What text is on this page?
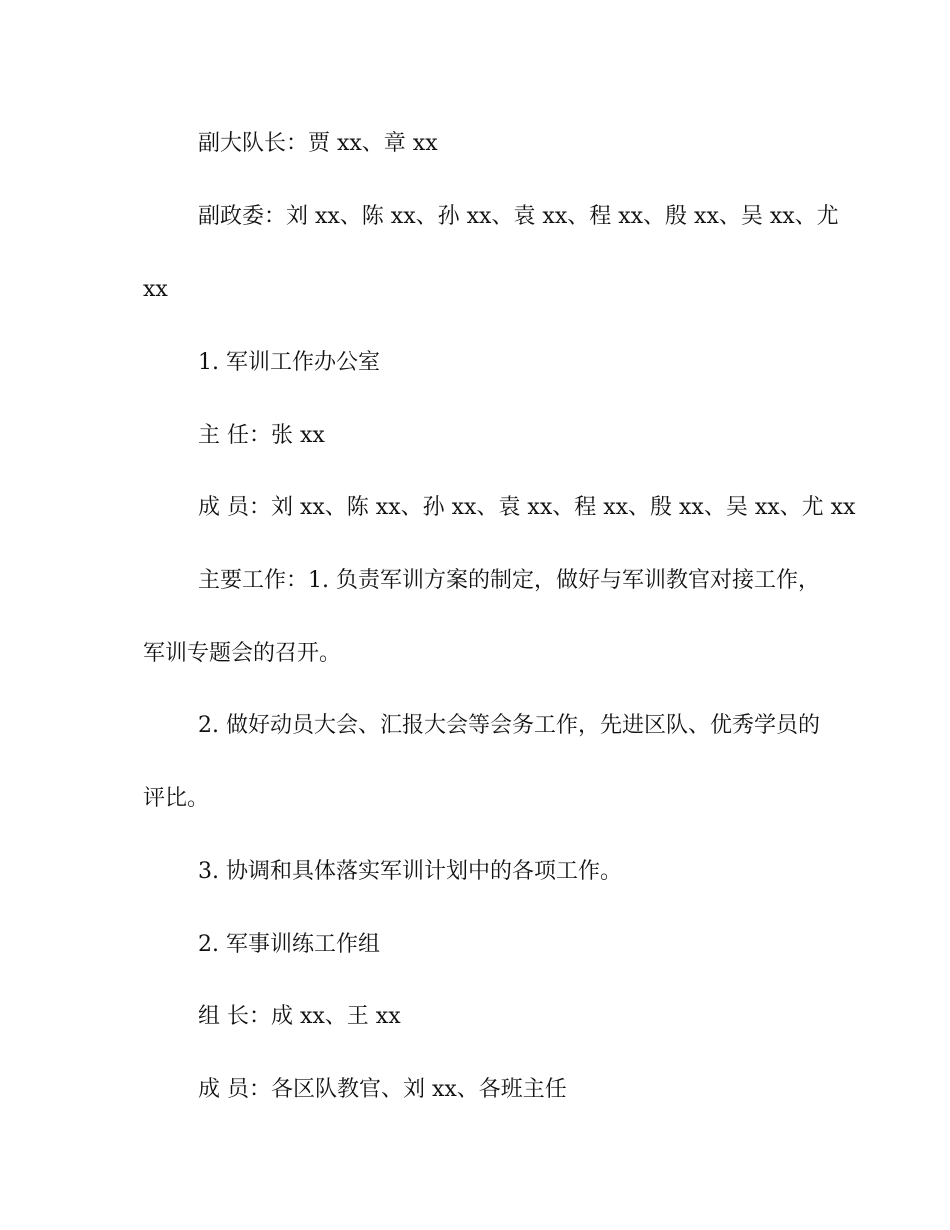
副大队长：贾 xx、章 xx
副政委：刘 xx、陈 xx、孙 xx、袁 xx、程 xx、殷 xx、吴 xx、尤
xx
1. 军训工作办公室
主 任：张 xx
成 员：刘 xx、陈 xx、孙 xx、袁 xx、程 xx、殷 xx、吴 xx、尤 xx
主要工作：1. 负责军训方案的制定，做好与军训教官对接工作，
军训专题会的召开。
2. 做好动员大会、汇报大会等会务工作，先进区队、优秀学员的
评比。
3. 协调和具体落实军训计划中的各项工作。
2. 军事训练工作组
组 长：成 xx、王 xx
成 员：各区队教官、刘 xx、各班主任
